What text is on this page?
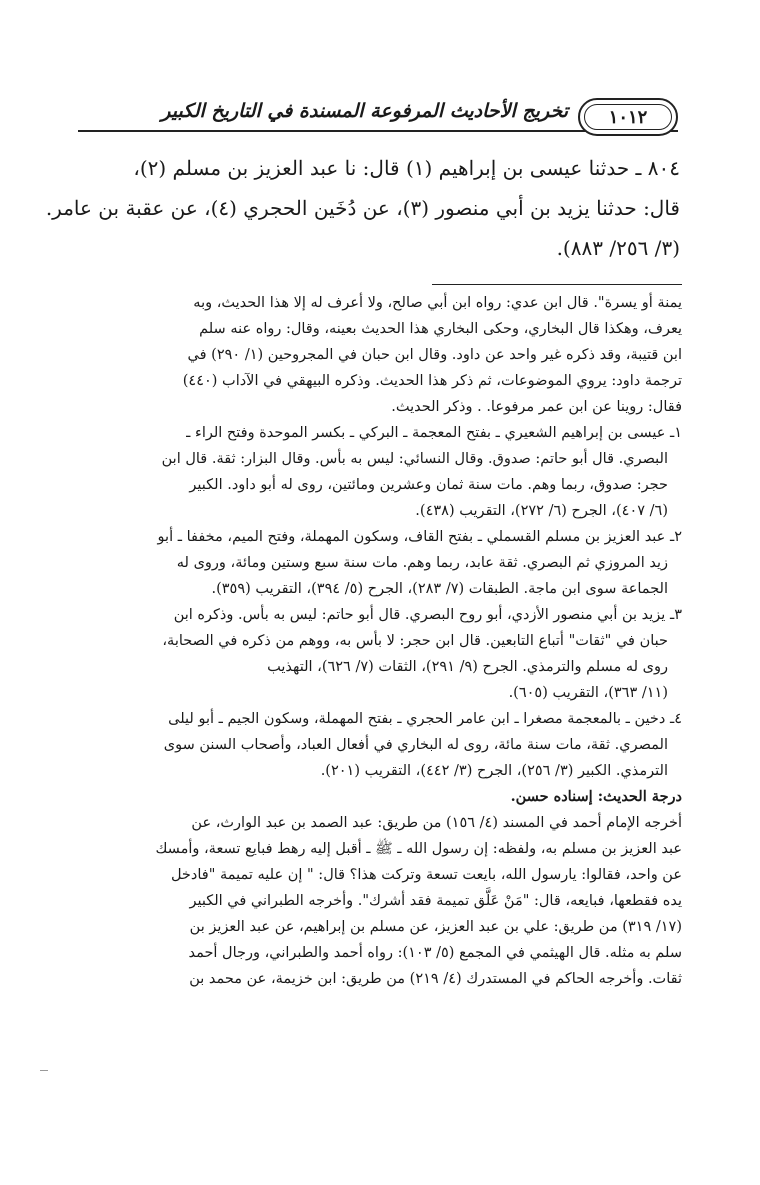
١٠١٢
تخريج الأحاديث المرفوعة المسندة في التاريخ الكبير
٨٠٤ ـ حدثنا عيسى بن إبراهيم (١) قال: نا عبد العزيز بن مسلم (٢)،
قال: حدثنا يزيد بن أبي منصور (٣)، عن دُخَين الحجري (٤)، عن عقبة بن عامر.
(٣/ ٢٥٦/ ٨٨٣).
يمنة أو يسرة". قال ابن عدي: رواه ابن أبي صالح، ولا أعرف له إلا هذا الحديث، وبه
يعرف، وهكذا قال البخاري، وحكى البخاري هذا الحديث بعينه، وقال: رواه عنه سلم
ابن قتيبة، وقد ذكره غير واحد عن داود. وقال ابن حبان في المجروحين (١/ ٢٩٠) في
ترجمة داود: يروي الموضوعات، ثم ذكر هذا الحديث. وذكره البيهقي في الآداب (٤٤٠)
فقال: روينا عن ابن عمر مرفوعا. . وذكر الحديث.
١ـ عيسى بن إبراهيم الشعيري ـ بفتح المعجمة ـ البركي ـ بكسر الموحدة وفتح الراء ـ
البصري. قال أبو حاتم: صدوق. وقال النسائي: ليس به بأس. وقال البزار: ثقة. قال ابن
حجر: صدوق، ربما وهم. مات سنة ثمان وعشرين ومائتين، روى له أبو داود. الكبير
(٦/ ٤٠٧)، الجرح (٦/ ٢٧٢)، التقريب (٤٣٨).
٢ـ عبد العزيز بن مسلم القسملي ـ بفتح القاف، وسكون المهملة، وفتح الميم، مخففا ـ أبو
زيد المروزي ثم البصري. ثقة عابد، ربما وهم. مات سنة سبع وستين ومائة، وروى له
الجماعة سوى ابن ماجة. الطبقات (٧/ ٢٨٣)، الجرح (٥/ ٣٩٤)، التقريب (٣٥٩).
٣ـ يزيد بن أبي منصور الأزدي، أبو روح البصري. قال أبو حاتم: ليس به بأس. وذكره ابن
حبان في "ثقات" أتباع التابعين. قال ابن حجر: لا بأس به، ووهم من ذكره في الصحابة،
روى له مسلم والترمذي. الجرح (٩/ ٢٩١)، الثقات (٧/ ٦٢٦)، التهذيب
(١١/ ٣٦٣)، التقريب (٦٠٥).
٤ـ دخين ـ بالمعجمة مصغرا ـ ابن عامر الحجري ـ بفتح المهملة، وسكون الجيم ـ أبو ليلى
المصري. ثقة، مات سنة مائة، روى له البخاري في أفعال العباد، وأصحاب السنن سوى
الترمذي. الكبير (٣/ ٢٥٦)، الجرح (٣/ ٤٤٢)، التقريب (٢٠١).
درجة الحديث: إسناده حسن.
أخرجه الإمام أحمد في المسند (٤/ ١٥٦) من طريق: عبد الصمد بن عبد الوارث، عن
عبد العزيز بن مسلم به، ولفظه: إن رسول الله ـ ﷺ ـ أقبل إليه رهط فبايع تسعة، وأمسك
عن واحد، فقالوا: يارسول الله، بايعت تسعة وتركت هذا؟ قال: " إن عليه تميمة "فادخل
يده فقطعها، فبايعه، قال: "مَنْ عَلَّق تميمة فقد أشرك". وأخرجه الطبراني في الكبير
(١٧/ ٣١٩) من طريق: علي بن عبد العزيز، عن مسلم بن إبراهيم، عن عبد العزيز بن
سلم به مثله. قال الهيثمي في المجمع (٥/ ١٠٣): رواه أحمد والطبراني، ورجال أحمد
ثقات. وأخرجه الحاكم في المستدرك (٤/ ٢١٩) من طريق: ابن خزيمة، عن محمد بن
